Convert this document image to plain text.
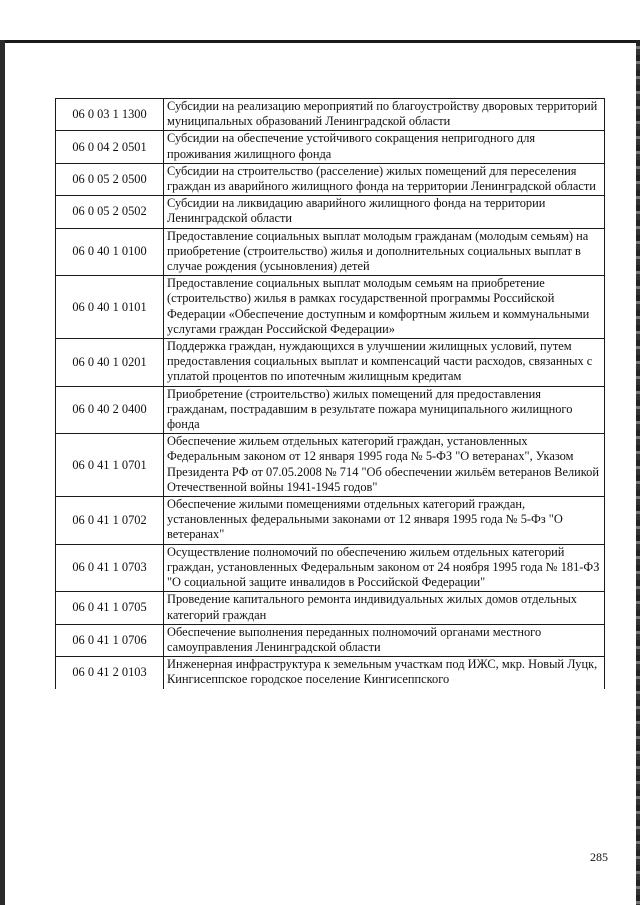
06 0 03 1 1300	Субсидии на реализацию мероприятий по благоустройству дворовых территорий муниципальных образований Ленинградской области
06 0 04 2 0501	Субсидии на обеспечение устойчивого сокращения непригодного для проживания жилищного фонда
06 0 05 2 0500	Субсидии на строительство (расселение) жилых помещений для переселения граждан из аварийного жилищного фонда на территории Ленинградской области
06 0 05 2 0502	Субсидии на ликвидацию аварийного жилищного фонда на территории Ленинградской области
06 0 40 1 0100	Предоставление социальных выплат молодым гражданам (молодым семьям) на приобретение (строительство) жилья и дополнительных социальных выплат в случае рождения (усыновления) детей
06 0 40 1 0101	Предоставление социальных выплат молодым семьям на приобретение (строительство) жилья в рамках государственной программы Российской Федерации «Обеспечение доступным и комфортным жильем и коммунальными услугами граждан Российской Федерации»
06 0 40 1 0201	Поддержка граждан, нуждающихся в улучшении жилищных условий, путем предоставления социальных выплат и компенсаций части расходов, связанных с уплатой процентов по ипотечным жилищным кредитам
06 0 40 2 0400	Приобретение (строительство) жилых помещений для предоставления гражданам, пострадавшим в результате пожара муниципального жилищного фонда
06 0 41 1 0701	Обеспечение жильем отдельных категорий граждан, установленных Федеральным законом от 12 января 1995 года № 5-ФЗ "О ветеранах", Указом Президента РФ от 07.05.2008 № 714 "Об обеспечении жильём ветеранов Великой Отечественной войны 1941-1945 годов"
06 0 41 1 0702	Обеспечение жилыми помещениями отдельных категорий граждан, установленных федеральными законами от 12 января 1995 года № 5-Фз "О ветеранах"
06 0 41 1 0703	Осуществление полномочий по обеспечению жильем отдельных категорий граждан, установленных Федеральным законом от 24 ноября 1995 года № 181-ФЗ "О социальной защите инвалидов в Российской Федерации"
06 0 41 1 0705	Проведение капитального ремонта индивидуальных жилых домов отдельных категорий граждан
06 0 41 1 0706	Обеспечение выполнения переданных полномочий органами местного самоуправления Ленинградской области
06 0 41 2 0103	Инженерная инфраструктура к земельным участкам под ИЖС, мкр. Новый Луцк, Кингисеппское городское поселение Кингисеппского
285
